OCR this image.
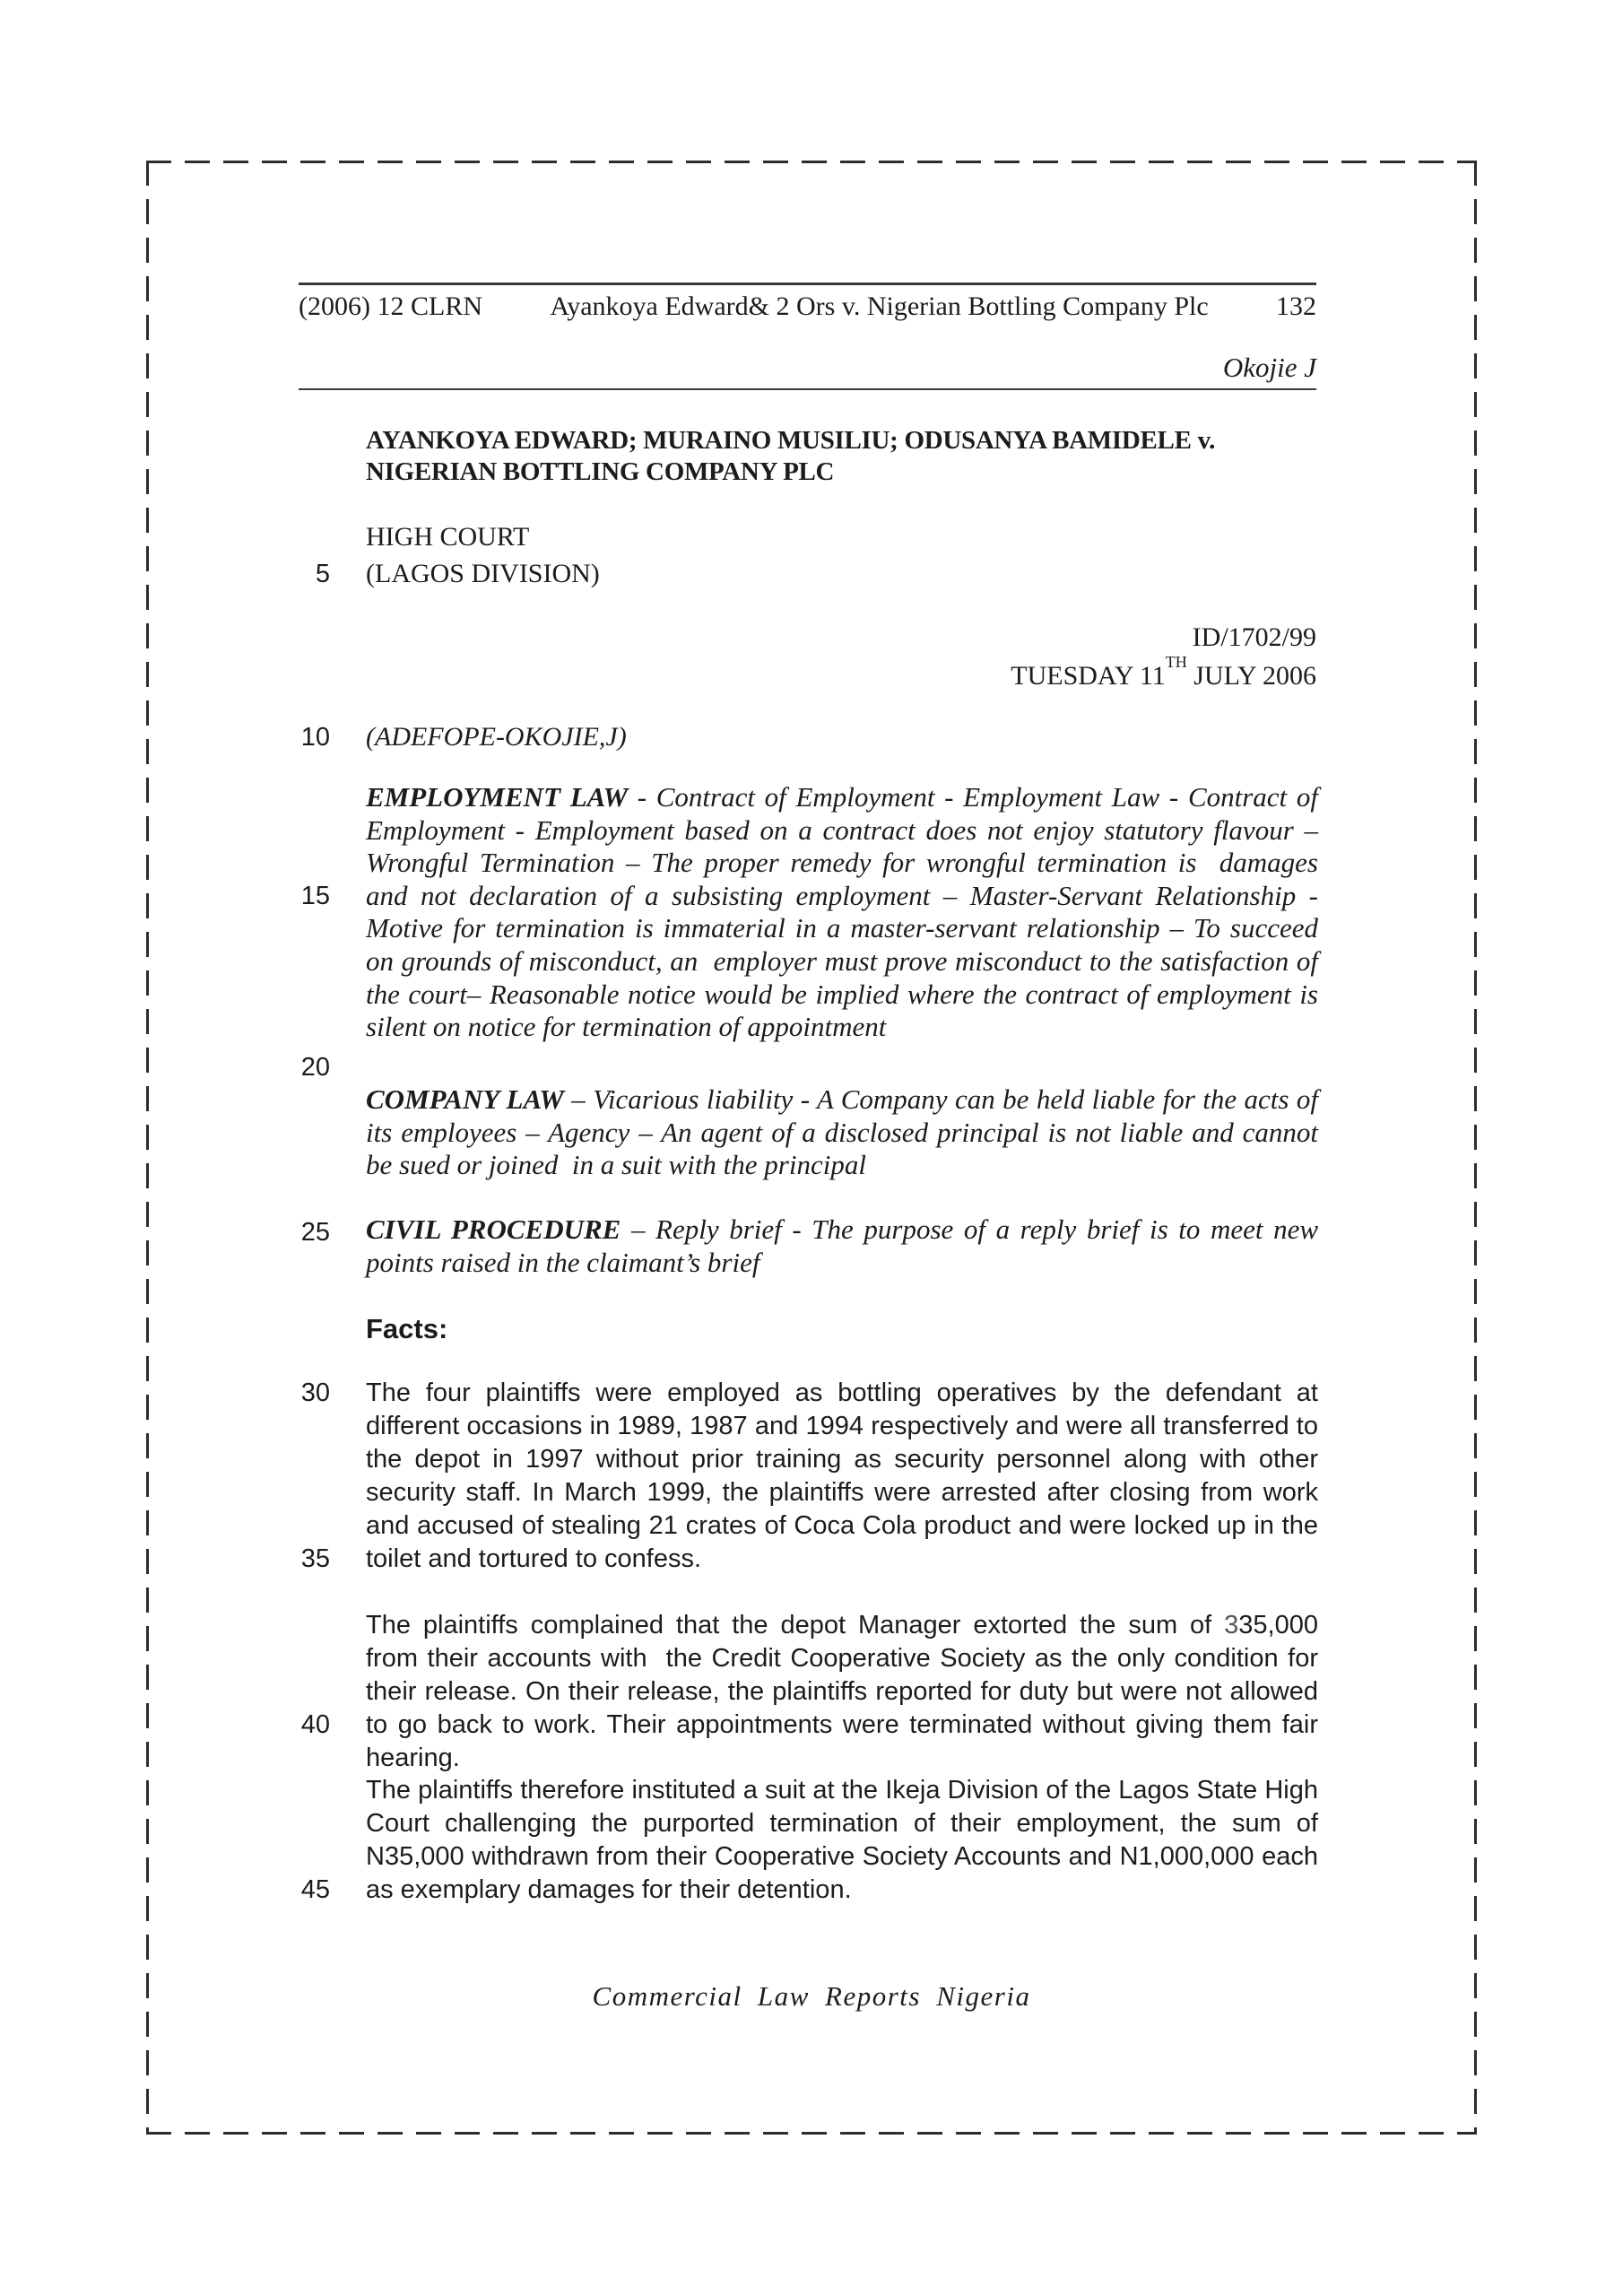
(2006) 12 CLRN	Ayankoya Edward& 2 Ors v. Nigerian Bottling Company Plc	132
Okojie J
AYANKOYA EDWARD; MURAINO MUSILIU; ODUSANYA BAMIDELE v.
NIGERIAN BOTTLING COMPANY PLC
HIGH COURT
(LAGOS DIVISION)
ID/1702/99
TUESDAY 11TH JULY 2006
(ADEFOPE-OKOJIE,J)
EMPLOYMENT LAW - Contract of Employment - Employment Law - Contract of Employment - Employment based on a contract does not enjoy statutory flavour – Wrongful Termination – The proper remedy for wrongful termination is  damages and not declaration of a subsisting employment – Master-Servant Relationship - Motive for termination is immaterial in a master-servant relationship – To succeed on grounds of misconduct, an  employer must prove misconduct to the satisfaction of the court– Reasonable notice would be implied where the contract of employment is silent on notice for termination of appointment
COMPANY LAW – Vicarious liability - A Company can be held liable for the acts of its employees – Agency – An agent of a disclosed principal is not liable and cannot be sued or joined  in a suit with the principal
CIVIL PROCEDURE – Reply brief - The purpose of a reply brief is to meet new points raised in the claimant’s brief
Facts:
The four plaintiffs were employed as bottling operatives by the defendant at different occasions in 1989, 1987 and 1994 respectively and were all transferred to the depot in 1997 without prior training as security personnel along with other security staff. In March 1999, the plaintiffs were arrested after closing from work and accused of stealing 21 crates of Coca Cola product and were locked up in the toilet and tortured to confess.
The plaintiffs complained that the depot Manager extorted the sum of 335,000 from their accounts with  the Credit Cooperative Society as the only condition for their release. On their release, the plaintiffs reported for duty but were not allowed to go back to work. Their appointments were terminated without giving them fair hearing.
The plaintiffs therefore instituted a suit at the Ikeja Division of the Lagos State High Court challenging the purported termination of their employment, the sum of N35,000 withdrawn from their Cooperative Society Accounts and N1,000,000 each as exemplary damages for their detention.
5
10
15
20
25
30
35
40
45
Commercial Law Reports Nigeria
